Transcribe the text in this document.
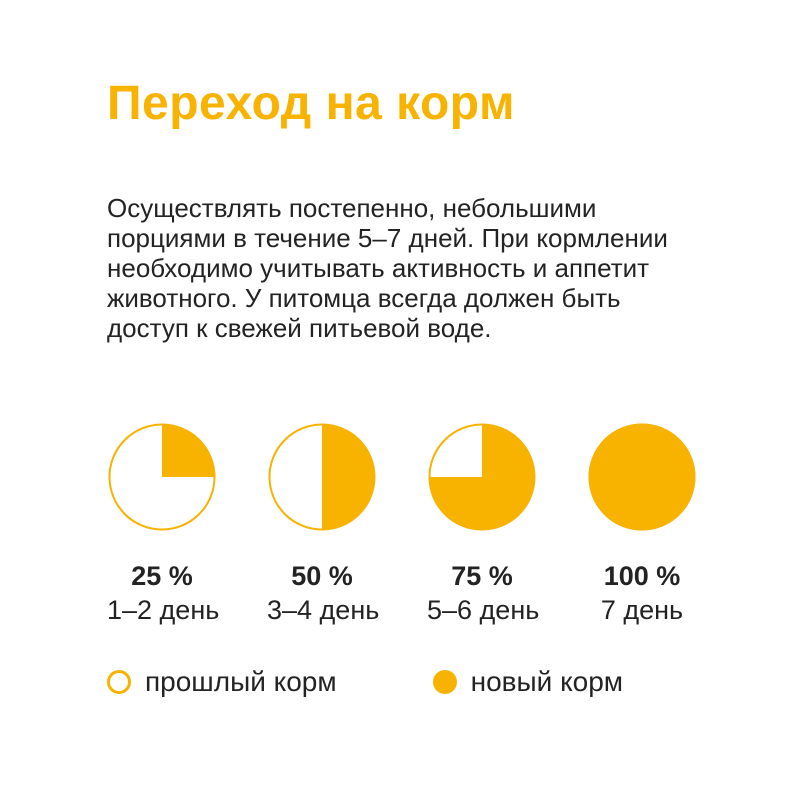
Переход на корм
Осуществлять постепенно, небольшими
порциями в течение 5–7 дней. При кормлении
необходимо учитывать активность и аппетит
животного. У питомца всегда должен быть
доступ к свежей питьевой воде.
25 %
1–2 день
50 %
3–4 день
75 %
5–6 день
100 %
7 день
прошлый корм	новый корм
